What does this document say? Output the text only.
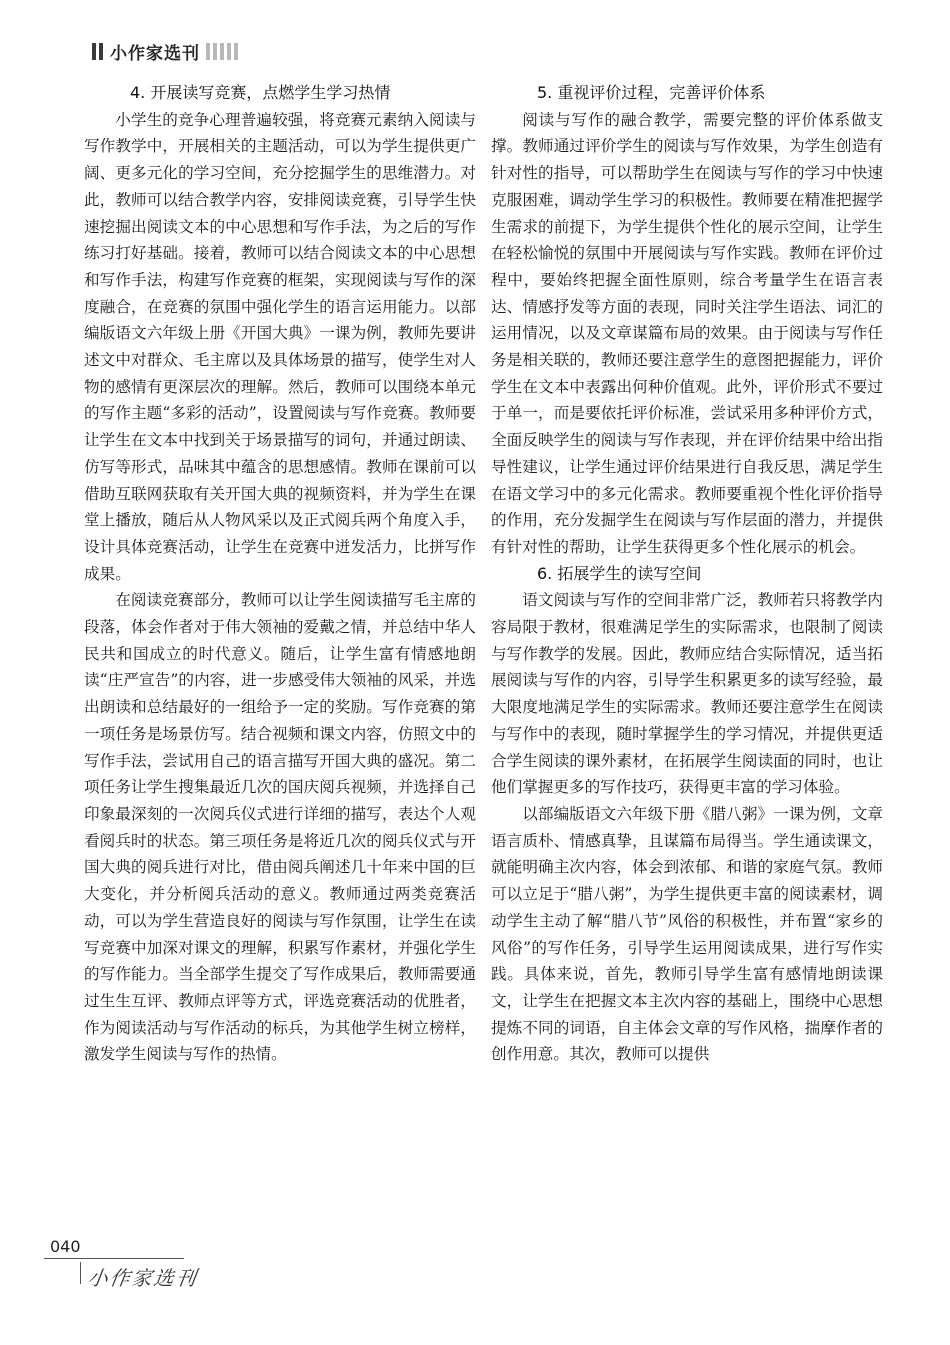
小作家选刊
4. 开展读写竞赛，点燃学生学习热情

小学生的竞争心理普遍较强，将竞赛元素纳入阅读与写作教学中，开展相关的主题活动，可以为学生提供更广阔、更多元化的学习空间，充分挖掘学生的思维潜力。对此，教师可以结合教学内容，安排阅读竞赛，引导学生快速挖掘出阅读文本的中心思想和写作手法，为之后的写作练习打好基础。接着，教师可以结合阅读文本的中心思想和写作手法，构建写作竞赛的框架，实现阅读与写作的深度融合，在竞赛的氛围中强化学生的语言运用能力。以部编版语文六年级上册《开国大典》一课为例，教师先要讲述文中对群众、毛主席以及具体场景的描写，使学生对人物的感情有更深层次的理解。然后，教师可以围绕本单元的写作主题“多彩的活动”，设置阅读与写作竞赛。教师要让学生在文本中找到关于场景描写的词句，并通过朗读、仿写等形式，品味其中蕴含的思想感情。教师在课前可以借助互联网获取有关开国大典的视频资料，并为学生在课堂上播放，随后从人物风采以及正式阅兵两个角度入手，设计具体竞赛活动，让学生在竞赛中迸发活力，比拼写作成果。

在阅读竞赛部分，教师可以让学生阅读描写毛主席的段落，体会作者对于伟大领袖的爱戴之情，并总结中华人民共和国成立的时代意义。随后，让学生富有情感地朗读“庄严宣告”的内容，进一步感受伟大领袖的风采，并选出朗读和总结最好的一组给予一定的奖励。写作竞赛的第一项任务是场景仿写。结合视频和课文内容，仿照文中的写作手法，尝试用自己的语言描写开国大典的盛况。第二项任务让学生搜集最近几次的国庆阅兵视频，并选择自己印象最深刻的一次阅兵仪式进行详细的描写，表达个人观看阅兵时的状态。第三项任务是将近几次的阅兵仪式与开国大典的阅兵进行对比，借由阅兵阐述几十年来中国的巨大变化，并分析阅兵活动的意义。教师通过两类竞赛活动，可以为学生营造良好的阅读与写作氛围，让学生在读写竞赛中加深对课文的理解，积累写作素材，并强化学生的写作能力。当全部学生提交了写作成果后，教师需要通过生生互评、教师点评等方式，评选竞赛活动的优胜者，作为阅读活动与写作活动的标兵，为其他学生树立榜样，激发学生阅读与写作的热情。

5. 重视评价过程，完善评价体系

阅读与写作的融合教学，需要完整的评价体系做支撑。教师通过评价学生的阅读与写作效果，为学生创造有针对性的指导，可以帮助学生在阅读与写作的学习中快速克服困难，调动学生学习的积极性。教师要在精准把握学生需求的前提下，为学生提供个性化的展示空间，让学生在轻松愉悦的氛围中开展阅读与写作实践。教师在评价过程中，要始终把握全面性原则，综合考量学生在语言表达、情感抒发等方面的表现，同时关注学生语法、词汇的运用情况，以及文章谋篇布局的效果。由于阅读与写作任务是相关联的，教师还要注意学生的意图把握能力，评价学生在文本中表露出何种价值观。此外，评价形式不要过于单一，而是要依托评价标准，尝试采用多种评价方式，全面反映学生的阅读与写作表现，并在评价结果中给出指导性建议，让学生通过评价结果进行自我反思，满足学生在语文学习中的多元化需求。教师要重视个性化评价指导的作用，充分发掘学生在阅读与写作层面的潜力，并提供有针对性的帮助，让学生获得更多个性化展示的机会。

6. 拓展学生的读写空间

语文阅读与写作的空间非常广泛，教师若只将教学内容局限于教材，很难满足学生的实际需求，也限制了阅读与写作教学的发展。因此，教师应结合实际情况，适当拓展阅读与写作的内容，引导学生积累更多的读写经验，最大限度地满足学生的实际需求。教师还要注意学生在阅读与写作中的表现，随时掌握学生的学习情况，并提供更适合学生阅读的课外素材，在拓展学生阅读面的同时，也让他们掌握更多的写作技巧，获得更丰富的学习体验。

以部编版语文六年级下册《腊八粥》一课为例，文章语言质朴、情感真挚，且谋篇布局得当。学生通读课文，就能明确主次内容，体会到浓郁、和谐的家庭气氛。教师可以立足于“腊八粥”，为学生提供更丰富的阅读素材，调动学生主动了解“腊八节”风俗的积极性，并布置“家乡的风俗”的写作任务，引导学生运用阅读成果，进行写作实践。具体来说，首先，教师引导学生富有感情地朗读课文，让学生在把握文本主次内容的基础上，围绕中心思想提炼不同的词语，自主体会文章的写作风格，揣摩作者的创作用意。其次，教师可以提供

040
小作家选刊
